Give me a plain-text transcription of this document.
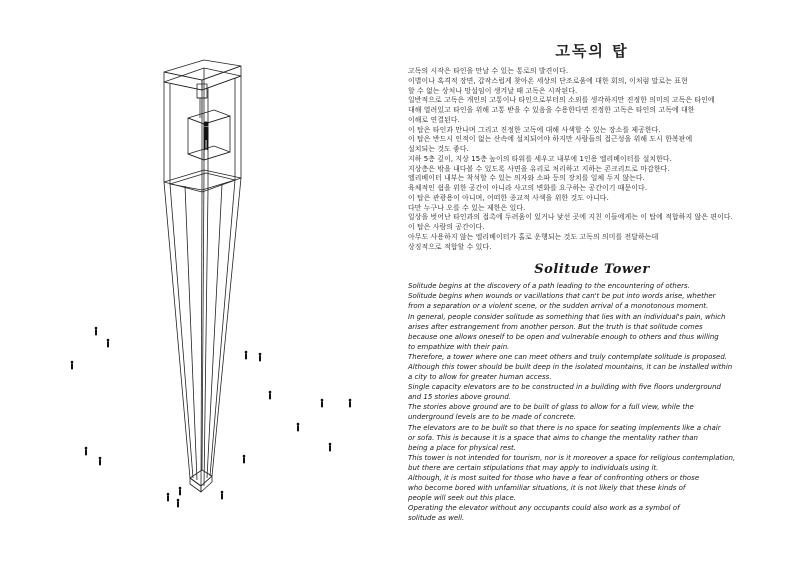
고독의 탑

고독의 시작은 타인을 만날 수 있는 통로의 발견이다.

이별이나 혹격적 장면, 갑작스럽게 찾아온 세상의 단조로움에 대한 회의, 이처럼 말로는 표현

할 수 없는 상처나 망설임이 생겨날 때 고독은 시작된다.

일반적으로 고독은 개인의 고통이나 타인으로부터의 소외를 생각하지만 진정한 의미의 고독은 타인에

대해 열려있고 타인을 위해 고통 받을 수 있음을 수용한다면 진정한 고독은 타인의 고독에 대한

이해로 연결된다.

이 탑은 타인과 만나며 그리고 진정한 고독에 대해 사색할 수 있는 장소를 제공한다.

이 탑은 반드시 인적이 없는 산속에 설치되어야 하지만 사람들의 접근성을 위해 도시 한복판에

설치되는 것도 좋다.

지하 5층 깊이, 지상 15층 높이의 타워를 세우고 내부에 1인용 엘리베이터를 설치한다.

지상층은 밖을 내다볼 수 있도록 사면을 유리로 처리하고 지하는 콘크리트로 마감한다.

엘리베이터 내부는 착석할 수 있는 의자와 소파 등의 장치를 일체 두지 않는다.

육체적인 쉼을 위한 공간이 아니라 사고의 변화를 요구하는 공간이기 때문이다.

이 탑은 관광용이 아니며, 어떠한 종교적 사색을 위한 것도 아니다.

다만 누구나 오를 수 있는 제한은 있다.

일상을 벗어난 타인과의 접촉에 두려움이 있거나 낯선 곳에 지친 이들에게는 이 탑에 적합하지 않은 편이다.

이 탑은 사람의 공간이다.

아무도 사용하지 않는 엘리베이터가 홀로 운행되는 것도 고독의 의미를 전달하는데

상징적으로 적합할 수 있다.

Solitude Tower

Solitude begins at the discovery of a path leading to the encountering of others.

Solitude begins when wounds or vacillations that can't be put into words arise, whether

from a separation or a violent scene, or the sudden arrival of a monotonous moment.

In general, people consider solitude as something that lies with an individual's pain, which

arises after estrangement from another person. But the truth is that solitude comes

because one allows oneself to be open and vulnerable enough to others and thus willing

to empathize with their pain.

Therefore, a tower where one can meet others and truly contemplate solitude is proposed.

Although this tower should be built deep in the isolated mountains, it can be installed within

a city to allow for greater human access.

Single capacity elevators are to be constructed in a building with five floors underground

and 15 stories above ground.

The stories above ground are to be built of glass to allow for a full view, while the

underground levels are to be made of concrete.

The elevators are to be built so that there is no space for seating implements like a chair

or sofa. This is because it is a space that aims to change the mentality rather than

being a place for physical rest.

This tower is not intended for tourism, nor is it moreover a space for religious contemplation,

but there are certain stipulations that may apply to individuals using it.

Although, it is most suited for those who have a fear of confronting others or those

who become bored with unfamiliar situations, it is not likely that these kinds of

people will seek out this place.

Operating the elevator without any occupants could also work as a symbol of

solitude as well.
